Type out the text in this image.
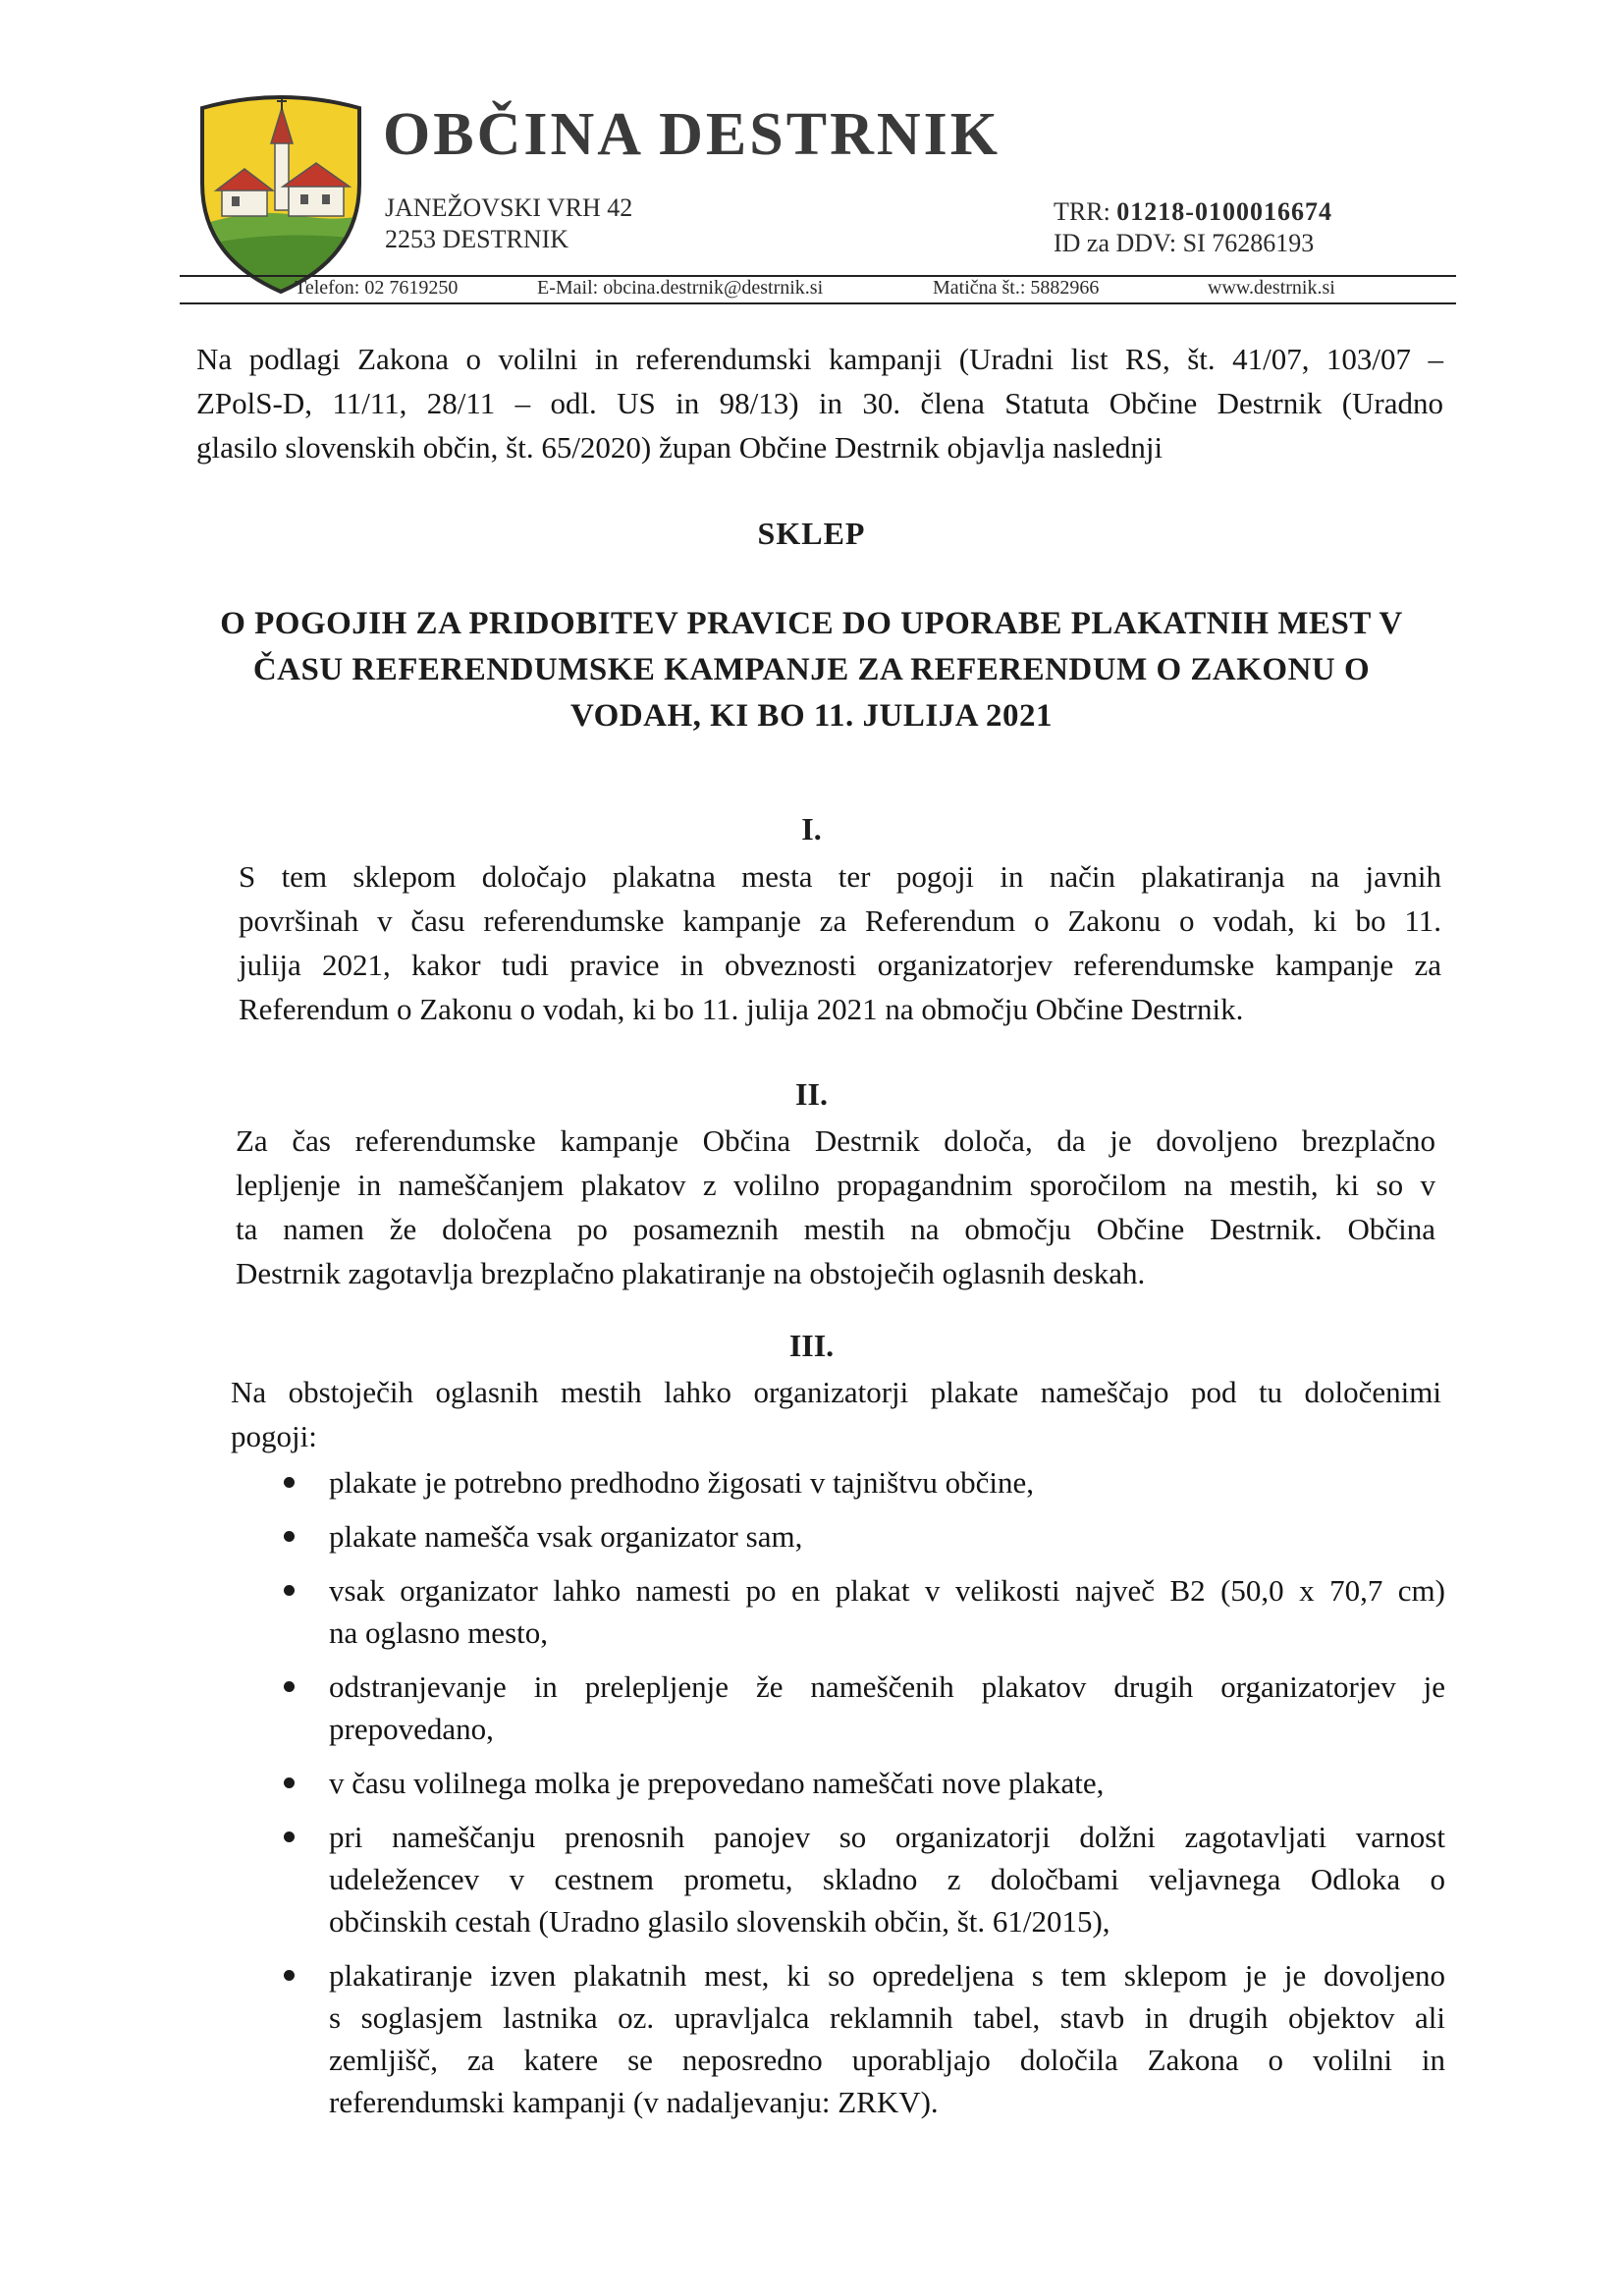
OBČINA DESTRNIK
JANEŽOVSKI VRH 42
2253 DESTRNIK
TRR: 01218-0100016674
ID za DDV: SI 76286193
Telefon: 02 7619250	E-Mail: obcina.destrnik@destrnik.si	Matična št.: 5882966	www.destrnik.si
Na podlagi Zakona o volilni in referendumski kampanji (Uradni list RS, št. 41/07, 103/07 –
ZPolS-D, 11/11, 28/11 – odl. US in 98/13) in 30. člena Statuta Občine Destrnik (Uradno
glasilo slovenskih občin, št. 65/2020) župan Občine Destrnik objavlja naslednji
SKLEP
O POGOJIH ZA PRIDOBITEV PRAVICE DO UPORABE PLAKATNIH MEST V
ČASU REFERENDUMSKE KAMPANJE ZA REFERENDUM O ZAKONU O
VODAH, KI BO 11. JULIJA 2021
I.
S tem sklepom določajo plakatna mesta ter pogoji in način plakatiranja na javnih
površinah v času referendumske kampanje za Referendum o Zakonu o vodah, ki bo 11.
julija 2021, kakor tudi pravice in obveznosti organizatorjev referendumske kampanje za
Referendum o Zakonu o vodah, ki bo 11. julija 2021 na območju Občine Destrnik.
II.
Za čas referendumske kampanje Občina Destrnik določa, da je dovoljeno brezplačno
lepljenje in nameščanjem plakatov z volilno propagandnim sporočilom na mestih, ki so v
ta namen že določena po posameznih mestih na območju Občine Destrnik. Občina
Destrnik zagotavlja brezplačno plakatiranje na obstoječih oglasnih deskah.
III.
Na obstoječih oglasnih mestih lahko organizatorji plakate nameščajo pod tu določenimi
pogoji:
plakate je potrebno predhodno žigosati v tajništvu občine,
plakate namešča vsak organizator sam,
vsak organizator lahko namesti po en plakat v velikosti največ B2 (50,0 x 70,7 cm)
na oglasno mesto,
odstranjevanje in prelepljenje že nameščenih plakatov drugih organizatorjev je
prepovedano,
v času volilnega molka je prepovedano nameščati nove plakate,
pri nameščanju prenosnih panojev so organizatorji dolžni zagotavljati varnost
udeležencev v cestnem prometu, skladno z določbami veljavnega Odloka o
občinskih cestah (Uradno glasilo slovenskih občin, št. 61/2015),
plakatiranje izven plakatnih mest, ki so opredeljena s tem sklepom je je dovoljeno
s soglasjem lastnika oz. upravljalca reklamnih tabel, stavb in drugih objektov ali
zemljišč, za katere se neposredno uporabljajo določila Zakona o volilni in
referendumski kampanji (v nadaljevanju: ZRKV).
